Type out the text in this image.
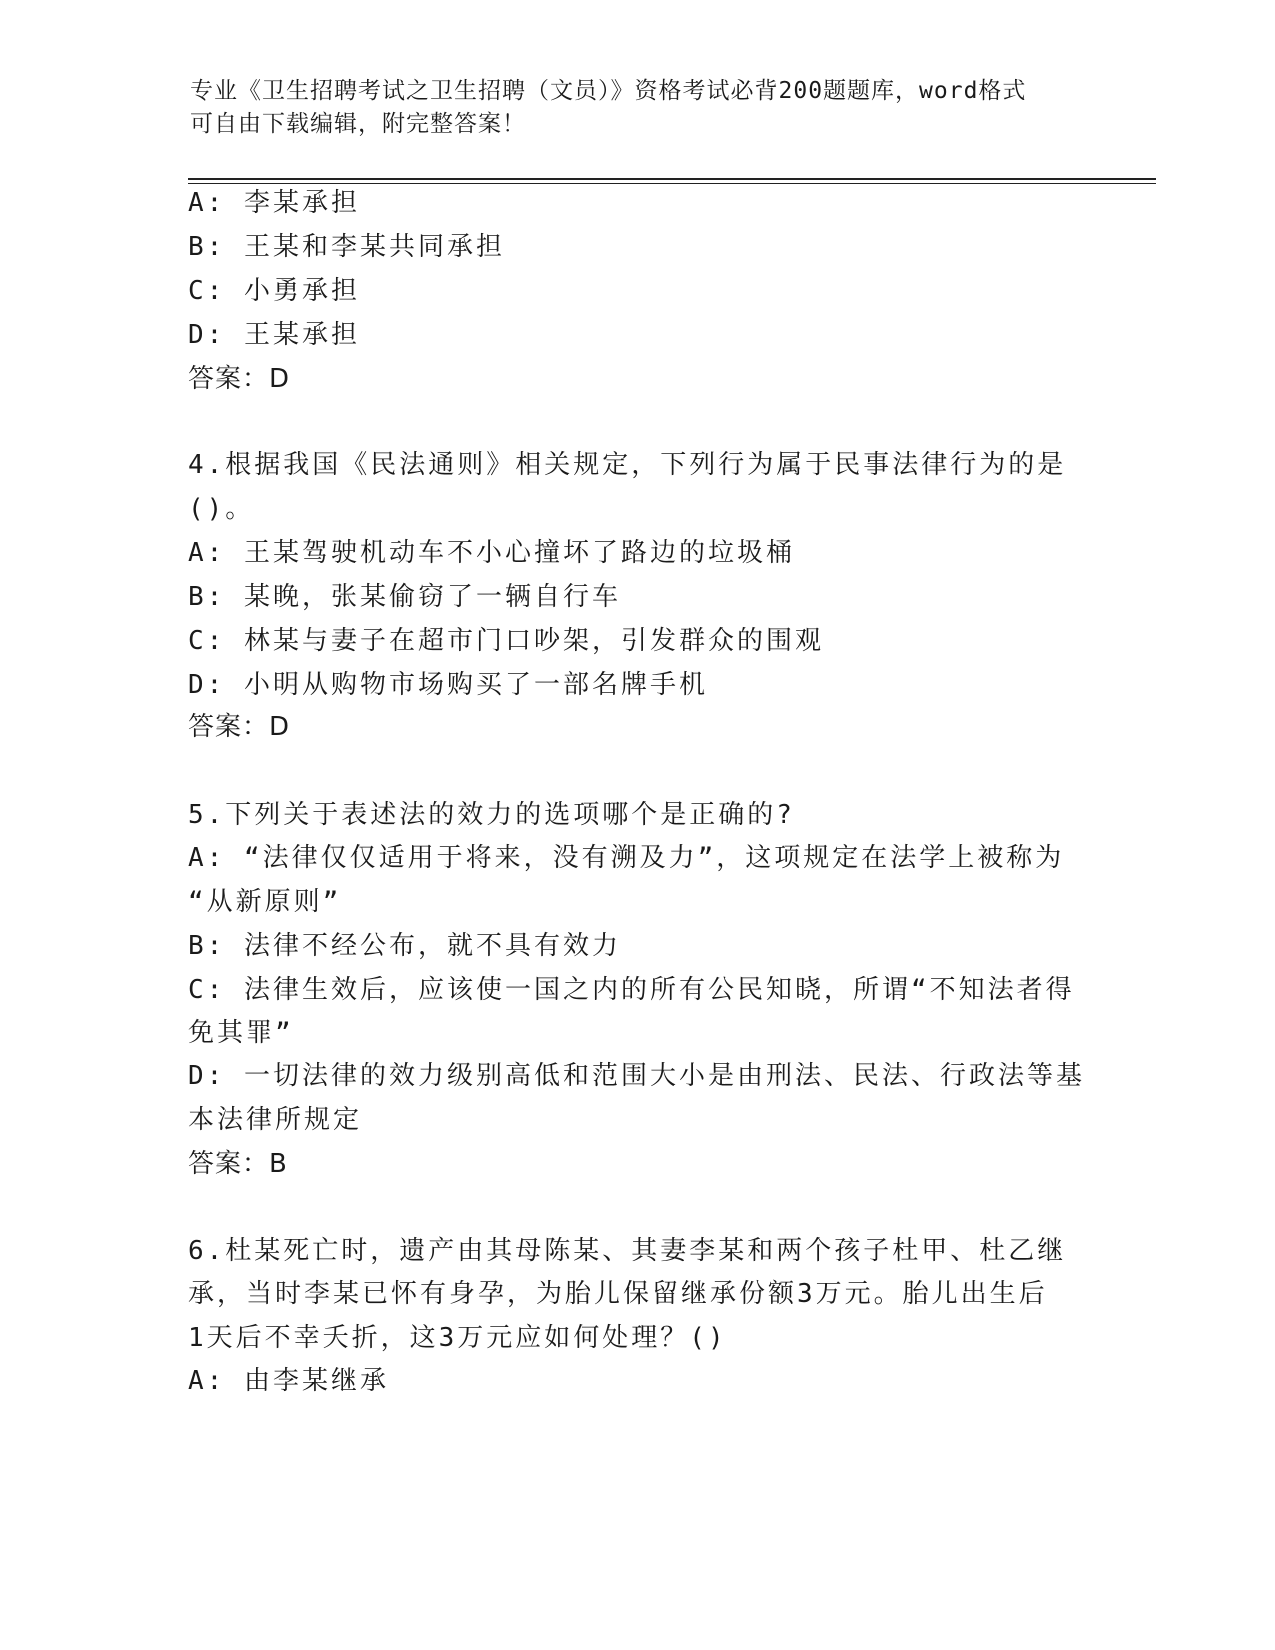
专业《卫生招聘考试之卫生招聘（文员）》资格考试必背200题题库，word格式
可自由下载编辑，附完整答案！
A: 李某承担
B: 王某和李某共同承担
C: 小勇承担
D: 王某承担
答案：D
4.根据我国《民法通则》相关规定，下列行为属于民事法律行为的是
()。
A: 王某驾驶机动车不小心撞坏了路边的垃圾桶
B: 某晚，张某偷窃了一辆自行车
C: 林某与妻子在超市门口吵架，引发群众的围观
D: 小明从购物市场购买了一部名牌手机
答案：D
5.下列关于表述法的效力的选项哪个是正确的?
A: “法律仅仅适用于将来，没有溯及力”，这项规定在法学上被称为
“从新原则”
B: 法律不经公布，就不具有效力
C: 法律生效后，应该使一国之内的所有公民知晓，所谓“不知法者得
免其罪”
D: 一切法律的效力级别高低和范围大小是由刑法、民法、行政法等基
本法律所规定
答案：B
6.杜某死亡时，遗产由其母陈某、其妻李某和两个孩子杜甲、杜乙继
承，当时李某已怀有身孕，为胎儿保留继承份额3万元。胎儿出生后
1天后不幸夭折，这3万元应如何处理？()
A: 由李某继承
